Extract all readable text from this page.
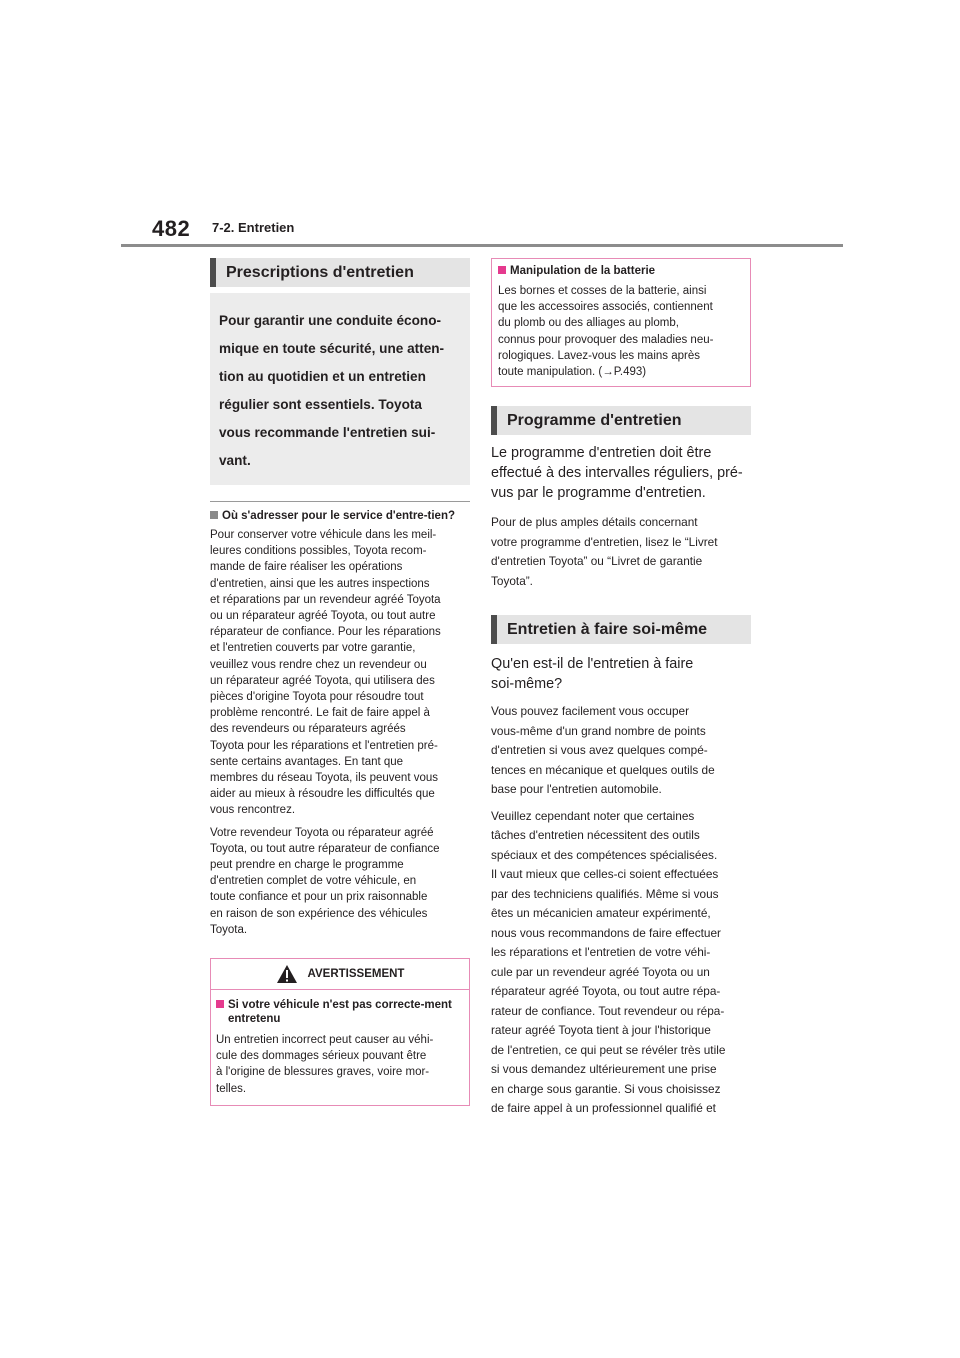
482 7-2. Entretien
Prescriptions d'entretien

Pour garantir une conduite écono-

mique en toute sécurité, une atten-

tion au quotidien et un entretien

régulier sont essentiels. Toyota

vous recommande l'entretien sui-

vant.

Où s'adresser pour le service d'entre-tien?

Pour conserver votre véhicule dans les meil-
leures conditions possibles, Toyota recom-
mande de faire réaliser les opérations
d'entretien, ainsi que les autres inspections
et réparations par un revendeur agréé Toyota
ou un réparateur agréé Toyota, ou tout autre
réparateur de confiance. Pour les réparations
et l'entretien couverts par votre garantie,
veuillez vous rendre chez un revendeur ou
un réparateur agréé Toyota, qui utilisera des
pièces d'origine Toyota pour résoudre tout
problème rencontré. Le fait de faire appel à
des revendeurs ou réparateurs agréés
Toyota pour les réparations et l'entretien pré-
sente certains avantages. En tant que
membres du réseau Toyota, ils peuvent vous
aider au mieux à résoudre les difficultés que
vous rencontrez.

Votre revendeur Toyota ou réparateur agréé
Toyota, ou tout autre réparateur de confiance
peut prendre en charge le programme
d'entretien complet de votre véhicule, en
toute confiance et pour un prix raisonnable
en raison de son expérience des véhicules
Toyota.

AVERTISSEMENT
Si votre véhicule n'est pas correcte-ment entretenu

Un entretien incorrect peut causer au véhi-
cule des dommages sérieux pouvant être
à l'origine de blessures graves, voire mor-
telles.

Manipulation de la batterie

Les bornes et cosses de la batterie, ainsi
que les accessoires associés, contiennent
du plomb ou des alliages au plomb,
connus pour provoquer des maladies neu-
rologiques. Lavez-vous les mains après
toute manipulation. (→P.493)

Programme d'entretien

Le programme d'entretien doit être
effectué à des intervalles réguliers, pré-
vus par le programme d'entretien.

Pour de plus amples détails concernant
votre programme d'entretien, lisez le “Livret
d'entretien Toyota” ou “Livret de garantie
Toyota”.

Entretien à faire soi-même

Qu'en est-il de l'entretien à faire
soi-même?

Vous pouvez facilement vous occuper
vous-même d'un grand nombre de points
d'entretien si vous avez quelques compé-
tences en mécanique et quelques outils de
base pour l'entretien automobile.

Veuillez cependant noter que certaines
tâches d'entretien nécessitent des outils
spéciaux et des compétences spécialisées.
Il vaut mieux que celles-ci soient effectuées
par des techniciens qualifiés. Même si vous
êtes un mécanicien amateur expérimenté,
nous vous recommandons de faire effectuer
les réparations et l'entretien de votre véhi-
cule par un revendeur agréé Toyota ou un
réparateur agréé Toyota, ou tout autre répa-
rateur de confiance. Tout revendeur ou répa-
rateur agréé Toyota tient à jour l'historique
de l'entretien, ce qui peut se révéler très utile
si vous demandez ultérieurement une prise
en charge sous garantie. Si vous choisissez
de faire appel à un professionnel qualifié et
